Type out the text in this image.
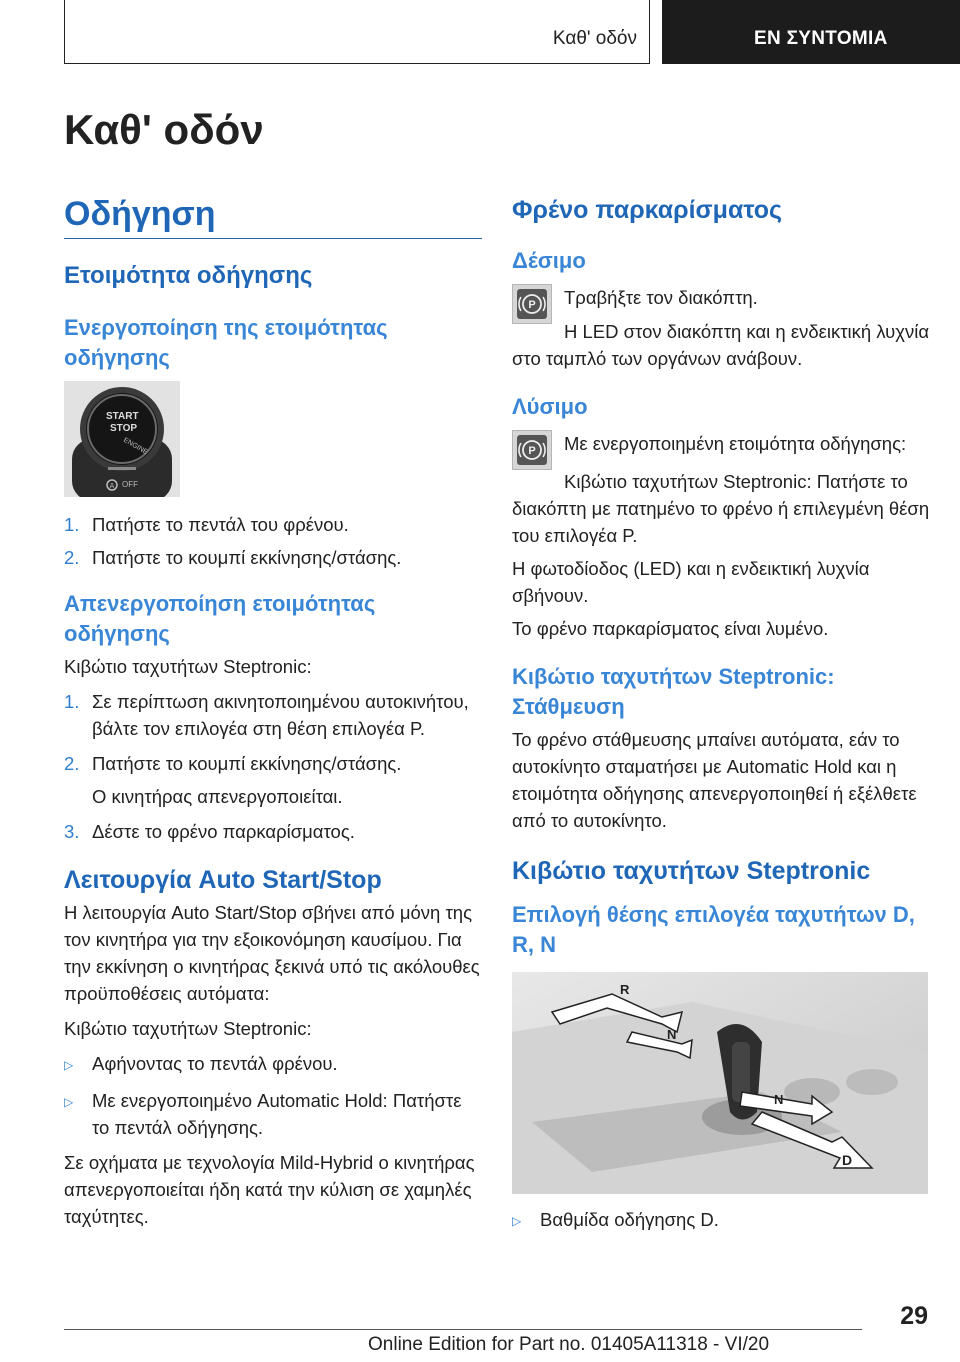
Καθ' οδόν	ΕΝ ΣΥΝΤΟΜΙΑ
Καθ' οδόν
Οδήγηση
Ετοιμότητα οδήγησης
Ενεργοποίηση της ετοιμότητας οδήγησης
A
START
STOP
ENGINE
OFF
1. Πατήστε το πεντάλ του φρένου.
2. Πατήστε το κουμπί εκκίνησης/στάσης.
Απενεργοποίηση ετοιμότητας οδήγησης
Κιβώτιο ταχυτήτων Steptronic:
1. Σε περίπτωση ακινητοποιημένου αυτοκινήτου, βάλτε τον επιλογέα στη θέση επιλογέα P.
2. Πατήστε το κουμπί εκκίνησης/στάσης.
Ο κινητήρας απενεργοποιείται.
3. Δέστε το φρένο παρκαρίσματος.
Λειτουργία Auto Start/Stop
Η λειτουργία Auto Start/Stop σβήνει από μόνη της τον κινητήρα για την εξοικονόμηση καυσίμου. Για την εκκίνηση ο κινητήρας ξεκινά υπό τις ακόλουθες προϋποθέσεις αυτόματα:
Κιβώτιο ταχυτήτων Steptronic:
▷	Αφήνοντας το πεντάλ φρένου.
▷	Με ενεργοποιημένο Automatic Hold: Πατήστε το πεντάλ οδήγησης.
Σε οχήματα με τεχνολογία Mild-Hybrid ο κινητήρας απενεργοποιείται ήδη κατά την κύλιση σε χαμηλές ταχύτητες.
Φρένο παρκαρίσματος
Δέσιμο
P	Τραβήξτε τον διακόπτη.
Η LED στον διακόπτη και η ενδεικτική λυχνία στο ταμπλό των οργάνων ανάβουν.
Λύσιμο
P Με ενεργοποιημένη ετοιμότητα οδήγησης:
Κιβώτιο ταχυτήτων Steptronic: Πατήστε το διακόπτη με πατημένο το φρένο ή επιλεγμένη θέση του επιλογέα P.
Η φωτοδίοδος (LED) και η ενδεικτική λυχνία σβήνουν.
Το φρένο παρκαρίσματος είναι λυμένο.
Κιβώτιο ταχυτήτων Steptronic: Στάθμευση
Το φρένο στάθμευσης μπαίνει αυτόματα, εάν το αυτοκίνητο σταματήσει με Automatic Hold και η ετοιμότητα οδήγησης απενεργοποιηθεί ή εξέλθετε από το αυτοκίνητο.
Κιβώτιο ταχυτήτων Steptronic
Επιλογή θέσης επιλογέα ταχυτήτων D, R, N
R
N
N
D
▷	Βαθμίδα οδήγησης D.
29
Online Edition for Part no. 01405A11318 - VI/20
